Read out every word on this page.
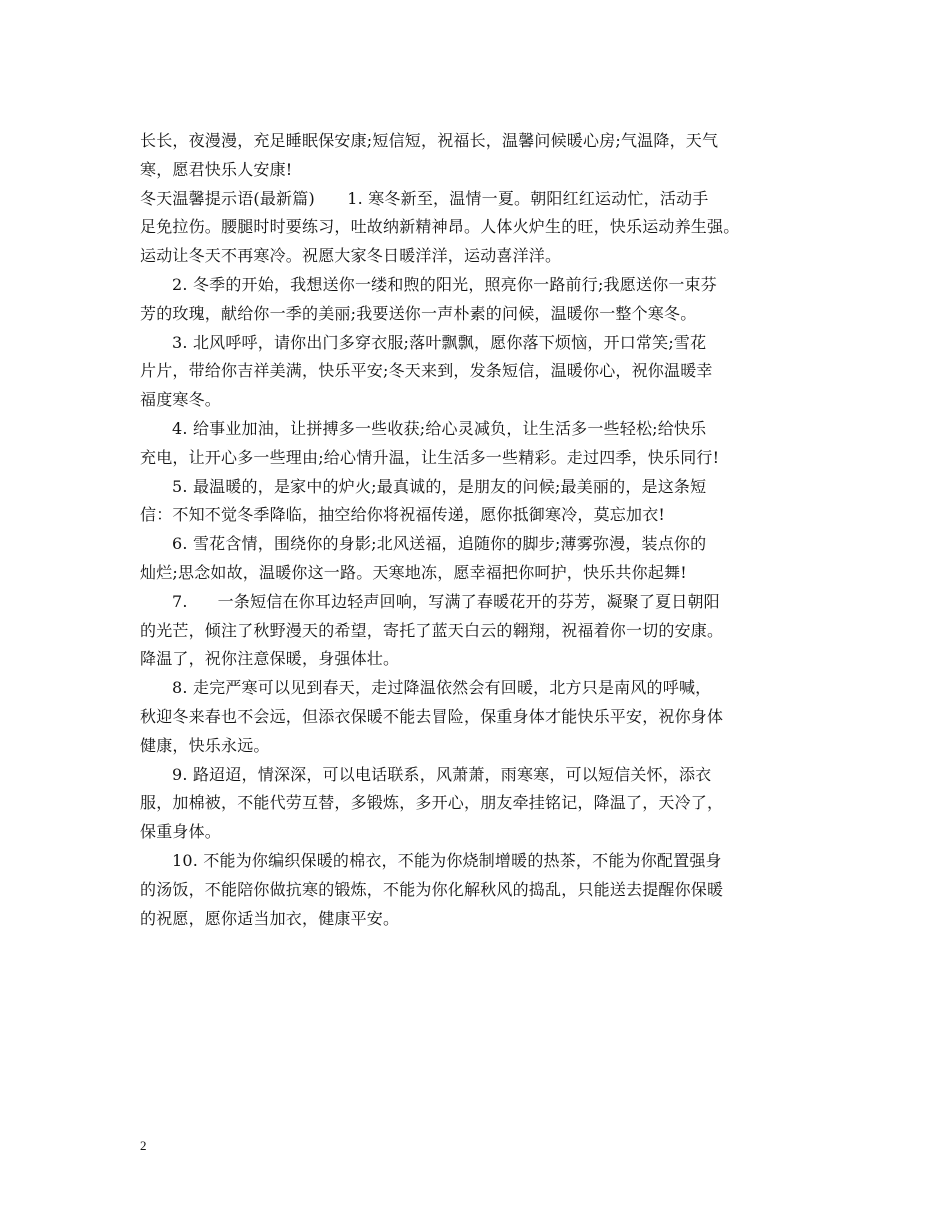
长长，夜漫漫，充足睡眠保安康;短信短，祝福长，温馨问候暖心房;气温降，天气
寒，愿君快乐人安康!
冬天温馨提示语(最新篇)　　1. 寒冬新至，温情一夏。朝阳红红运动忙，活动手
足免拉伤。腰腿时时要练习，吐故纳新精神昂。人体火炉生的旺，快乐运动养生强。
运动让冬天不再寒冷。祝愿大家冬日暖洋洋，运动喜洋洋。
2. 冬季的开始，我想送你一缕和煦的阳光，照亮你一路前行;我愿送你一束芬
芳的玫瑰，献给你一季的美丽;我要送你一声朴素的问候，温暖你一整个寒冬。
3. 北风呼呼，请你出门多穿衣服;落叶飘飘，愿你落下烦恼，开口常笑;雪花
片片，带给你吉祥美满，快乐平安;冬天来到，发条短信，温暖你心，祝你温暖幸
福度寒冬。
4. 给事业加油，让拼搏多一些收获;给心灵减负，让生活多一些轻松;给快乐
充电，让开心多一些理由;给心情升温，让生活多一些精彩。走过四季，快乐同行!
5. 最温暖的，是家中的炉火;最真诚的，是朋友的问候;最美丽的，是这条短
信：不知不觉冬季降临，抽空给你将祝福传递，愿你抵御寒冷，莫忘加衣!
6. 雪花含情，围绕你的身影;北风送福，追随你的脚步;薄雾弥漫，装点你的
灿烂;思念如故，温暖你这一路。天寒地冻，愿幸福把你呵护，快乐共你起舞!
7. 一条短信在你耳边轻声回响，写满了春暖花开的芬芳，凝聚了夏日朝阳
的光芒，倾注了秋野漫天的希望，寄托了蓝天白云的翱翔，祝福着你一切的安康。
降温了，祝你注意保暖，身强体壮。
8. 走完严寒可以见到春天，走过降温依然会有回暖，北方只是南风的呼喊，
秋迎冬来春也不会远，但添衣保暖不能去冒险，保重身体才能快乐平安，祝你身体
健康，快乐永远。
9. 路迢迢，情深深，可以电话联系，风萧萧，雨寒寒，可以短信关怀，添衣
服，加棉被，不能代劳互替，多锻炼，多开心，朋友牵挂铭记，降温了，天冷了，
保重身体。
10. 不能为你编织保暖的棉衣，不能为你烧制增暖的热茶，不能为你配置强身
的汤饭，不能陪你做抗寒的锻炼，不能为你化解秋风的捣乱，只能送去提醒你保暖
的祝愿，愿你适当加衣，健康平安。
2
